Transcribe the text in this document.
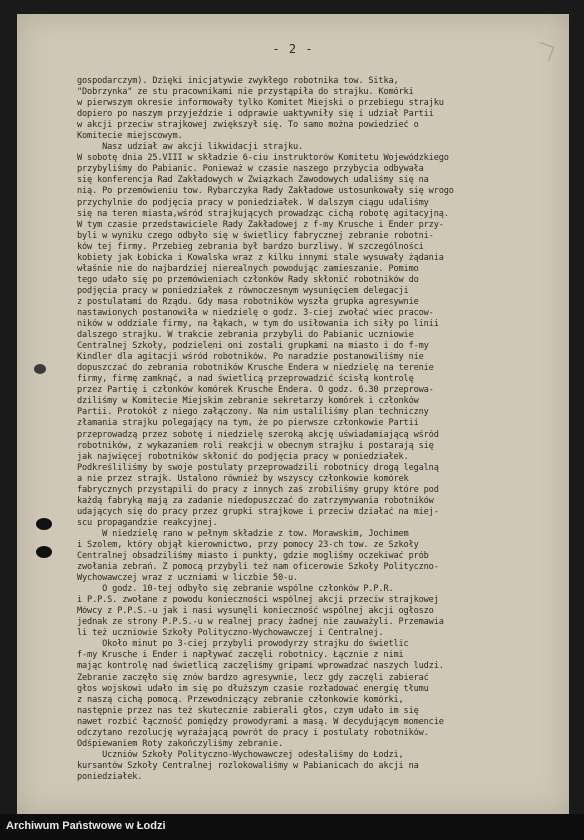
- 2 -
gospodarczym). Dzięki inicjatywie zwykłego robotnika tow. Sitka,
"Dobrzynka" ze stu pracownikami nie przystąpiła do strajku. Komórki
w pierwszym okresie informowały tylko Komitet Miejski o przebiegu strajku
dopiero po naszym przyjeździe i odprawie uaktywniły się i udział Partii
w akcji przeciw strajkowej zwiększył się. To samo można powiedzieć o
Komitecie miejscowym.
Nasz udział aw akcji likwidacji strajku.
W sobotę dnia 25.VIII w składzie 6-ciu instruktorów Komitetu Wojewódzkiego
przybyliśmy do Pabianic. Ponieważ w czasie naszego przybycia odbywała
się konferencja Rad Zakładowych w Związkach Zawodowych udaliśmy się na
nią. Po przemówieniu tow. Rybarczyka Rady Zakładowe ustosunkowały się wrogo
przychylnie do podjęcia pracy w poniedziałek. W dalszym ciągu udaliśmy
się na teren miasta,wśród strajkujących prowadząc cichą robotę agitacyjną.
W tym czasie przedstawiciele Rady Zakładowej z f-my Krusche i Ender przy-
byli w wyniku czego odbyło się w świetlicy fabrycznej zebranie robotni-
ków tej firmy. Przebieg zebrania był bardzo burzliwy. W szczególności
kobiety jak Łobicka i Kowalska wraz z kilku innymi stale wysuwały żądania
właśnie nie do najbardziej nierealnych powodując zamieszanie. Pomimo
tego udało się po przemówieniach członków Rady skłonić robotników do
podjęcia pracy w poniedziałek z równoczesnym wysunięciem delegacji
z postulatami do Rządu. Gdy masa robotników wyszła grupka agresywnie
nastawionych postanowiła w niedzielę o godz. 3-ciej zwołać wiec pracow-
ników w oddziale firmy, na łąkach, w tym do usiłowania ich siły po linii
dalszego strajku. W trakcie zebrania przybyli do Pabianic uczniowie
Centralnej Szkoły, podzieleni oni zostali grupkami na miasto i do f-my
Kindler dla agitacji wśród robotników. Po naradzie postanowiliśmy nie
dopuszczać do zebrania robotników Krusche Endera w niedzielę na terenie
firmy, firmę zamknąć, a nad świetlicą przeprowadzić ścisłą kontrolę
przez Partię i członków komórek Krusche Endera. O godz. 6.30 przeprowa-
dziliśmy w Komitecie Miejskim zebranie sekretarzy komórek i członków
Partii. Protokół z niego załączony. Na nim ustaliliśmy plan techniczny
złamania strajku polegający na tym, że po pierwsze członkowie Partii
przeprowadzą przez sobotę i niedzielę szeroką akcję uświadamiającą wśród
robotników, z wykazaniem roli reakcji w obecnym strajku i postarają się
jak najwięcej robotników skłonić do podjęcia pracy w poniedziałek.
Podkreśliliśmy by swoje postulaty przeprowadzili robotnicy drogą legalną
a nie przez strajk. Ustalono również by wszyscy członkowie komórek
fabrycznych przystąpili do pracy z innych zaś zrobiliśmy grupy które pod
każdą fabryką mają za zadanie niedopuszczać do zatrzymywania robotników
udających się do pracy przez grupki strajkowe i przeciw działać na miej-
scu propagandzie reakcyjnej.
W niedzielę rano w pełnym składzie z tow. Morawskim, Jochimem
i Szolem, który objął kierownictwo, przy pomocy 23-ch tow. ze Szkoły
Centralnej obsadziliśmy miasto i punkty, gdzie mogliśmy oczekiwać prób
zwołania zebrań. Z pomocą przybyli też nam oficerowie Szkoły Polityczno-
Wychowawczej wraz z uczniami w liczbie 50-u.
O godz. 10-tej odbyło się zebranie wspólne członków P.P.R.
i P.P.S. zwołane z powodu konieczności wspólnej akcji przeciw strajkowej
Mówcy z P.P.S.-u jak i nasi wysunęli konieczność wspólnej akcji ogłoszo
jednak ze strony P.P.S.-u w realnej pracy żadnej nie zauważyli. Przemawia
li też uczniowie Szkoły Polityczno-Wychowawczej i Centralnej.
Około minut po 3-ciej przybyli prowodyrzy strajku do świetlic
f-my Krusche i Ender i napływać zaczęli robotnicy. Łącznie z nimi
mając kontrolę nad świetlicą zaczęliśmy gripami wprowadzać naszych ludzi.
Zebranie zaczęło się znów bardzo agresywnie, lecz gdy zaczęli zabierać
głos wojskowi udało im się po dłuższym czasie rozładować energię tłumu
z naszą cichą pomocą. Przewodniczący zebranie członkowie komórki,
następnie przez nas też skutecznie zabierali głos, czym udało im się
nawet rozbić łączność pomiędzy prowodyrami a masą. W decydującym momencie
odczytano rezolucję wyrażającą powrót do pracy i postulaty robotników.
Odśpiewaniem Roty zakończyliśmy zebranie.
Uczniów Szkoły Polityczno-Wychowawczej odesłaliśmy do Łodzi,
kursantów Szkoły Centralnej rozlokowaliśmy w Pabianicach do akcji na
poniedziałek.
Archiwum Państwowe w Łodzi
